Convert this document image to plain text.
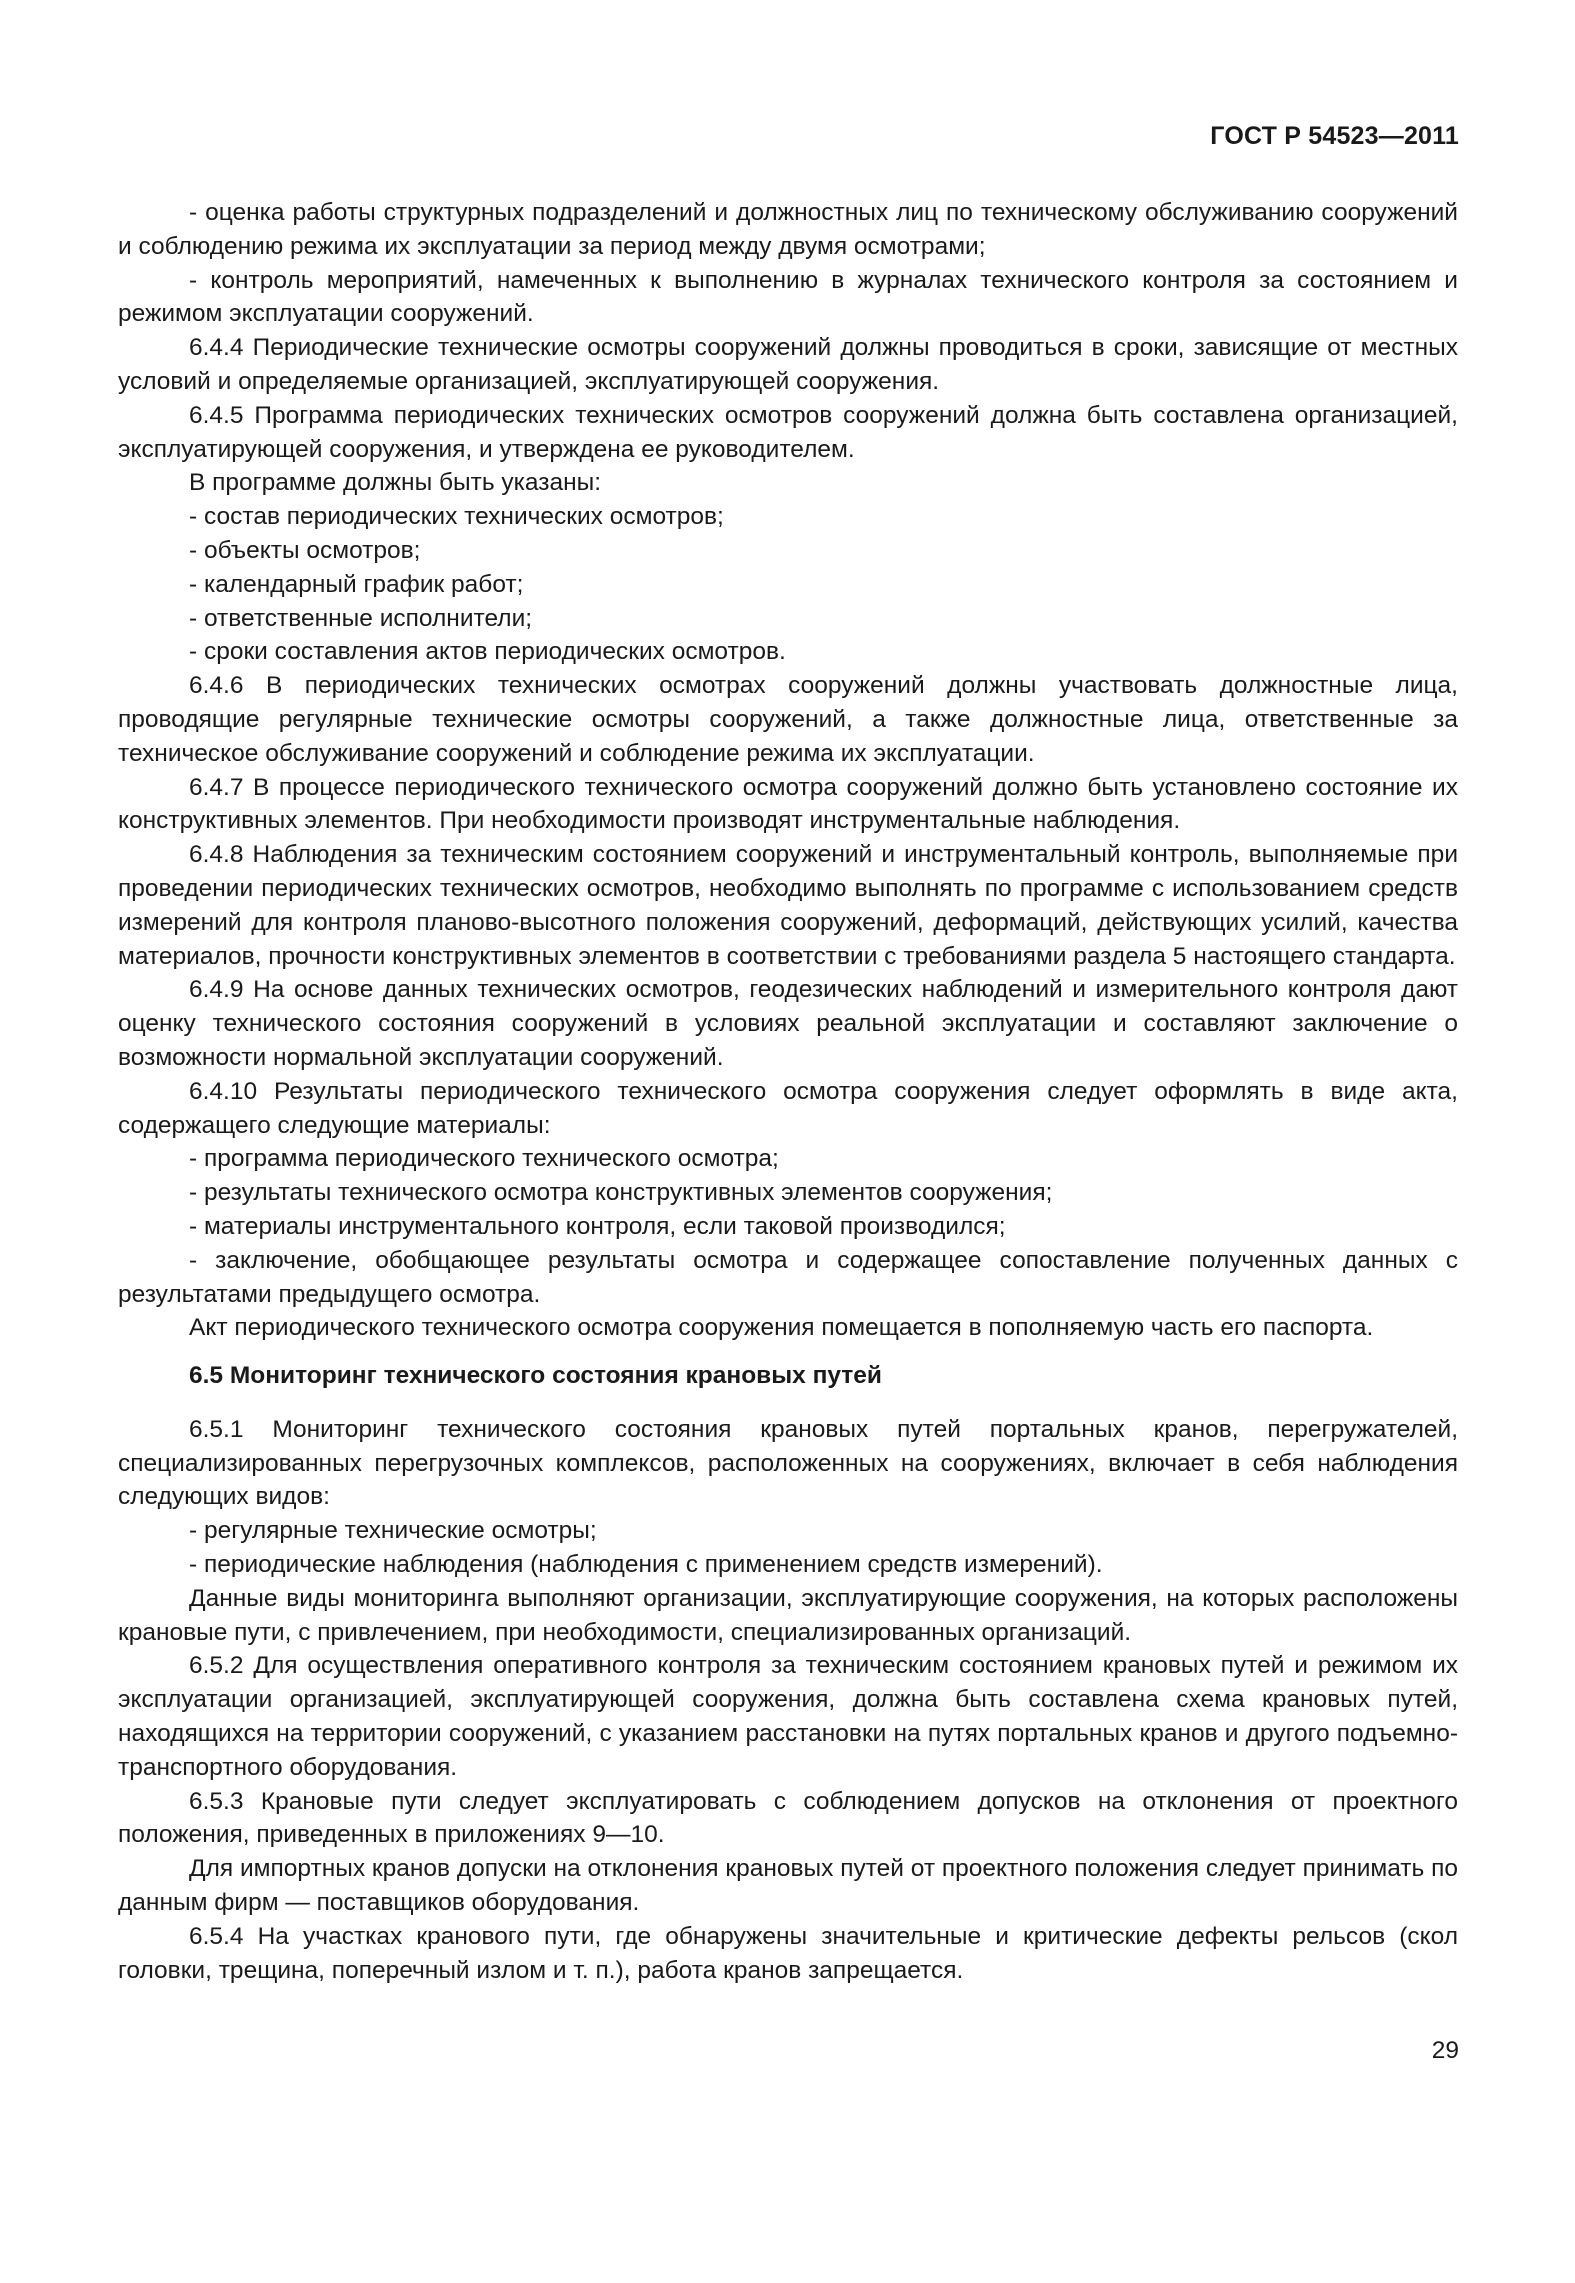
ГОСТ Р 54523—2011

- оценка работы структурных подразделений и должностных лиц по техническому обслуживанию сооружений и соблюдению режима их эксплуатации за период между двумя осмотрами;

- контроль мероприятий, намеченных к выполнению в журналах технического контроля за состоянием и режимом эксплуатации сооружений.

6.4.4 Периодические технические осмотры сооружений должны проводиться в сроки, зависящие от местных условий и определяемые организацией, эксплуатирующей сооружения.

6.4.5 Программа периодических технических осмотров сооружений должна быть составлена организацией, эксплуатирующей сооружения, и утверждена ее руководителем.

В программе должны быть указаны:

- состав периодических технических осмотров;

- объекты осмотров;

- календарный график работ;

- ответственные исполнители;

- сроки составления актов периодических осмотров.

6.4.6 В периодических технических осмотрах сооружений должны участвовать должностные лица, проводящие регулярные технические осмотры сооружений, а также должностные лица, ответственные за техническое обслуживание сооружений и соблюдение режима их эксплуатации.

6.4.7 В процессе периодического технического осмотра сооружений должно быть установлено состояние их конструктивных элементов. При необходимости производят инструментальные наблюдения.

6.4.8 Наблюдения за техническим состоянием сооружений и инструментальный контроль, выполняемые при проведении периодических технических осмотров, необходимо выполнять по программе с использованием средств измерений для контроля планово-высотного положения сооружений, деформаций, действующих усилий, качества материалов, прочности конструктивных элементов в соответствии с требованиями раздела 5 настоящего стандарта.

6.4.9 На основе данных технических осмотров, геодезических наблюдений и измерительного контроля дают оценку технического состояния сооружений в условиях реальной эксплуатации и составляют заключение о возможности нормальной эксплуатации сооружений.

6.4.10 Результаты периодического технического осмотра сооружения следует оформлять в виде акта, содержащего следующие материалы:

- программа периодического технического осмотра;

- результаты технического осмотра конструктивных элементов сооружения;

- материалы инструментального контроля, если таковой производился;

- заключение, обобщающее результаты осмотра и содержащее сопоставление полученных данных с результатами предыдущего осмотра.

Акт периодического технического осмотра сооружения помещается в пополняемую часть его паспорта.

6.5 Мониторинг технического состояния крановых путей

6.5.1 Мониторинг технического состояния крановых путей портальных кранов, перегружателей, специализированных перегрузочных комплексов, расположенных на сооружениях, включает в себя наблюдения следующих видов:

- регулярные технические осмотры;

- периодические наблюдения (наблюдения с применением средств измерений).

Данные виды мониторинга выполняют организации, эксплуатирующие сооружения, на которых расположены крановые пути, с привлечением, при необходимости, специализированных организаций.

6.5.2 Для осуществления оперативного контроля за техническим состоянием крановых путей и режимом их эксплуатации организацией, эксплуатирующей сооружения, должна быть составлена схема крановых путей, находящихся на территории сооружений, с указанием расстановки на путях портальных кранов и другого подъемно-транспортного оборудования.

6.5.3 Крановые пути следует эксплуатировать с соблюдением допусков на отклонения от проектного положения, приведенных в приложениях 9—10.

Для импортных кранов допуски на отклонения крановых путей от проектного положения следует принимать по данным фирм — поставщиков оборудования.

6.5.4 На участках кранового пути, где обнаружены значительные и критические дефекты рельсов (скол головки, трещина, поперечный излом и т. п.), работа кранов запрещается.

29
